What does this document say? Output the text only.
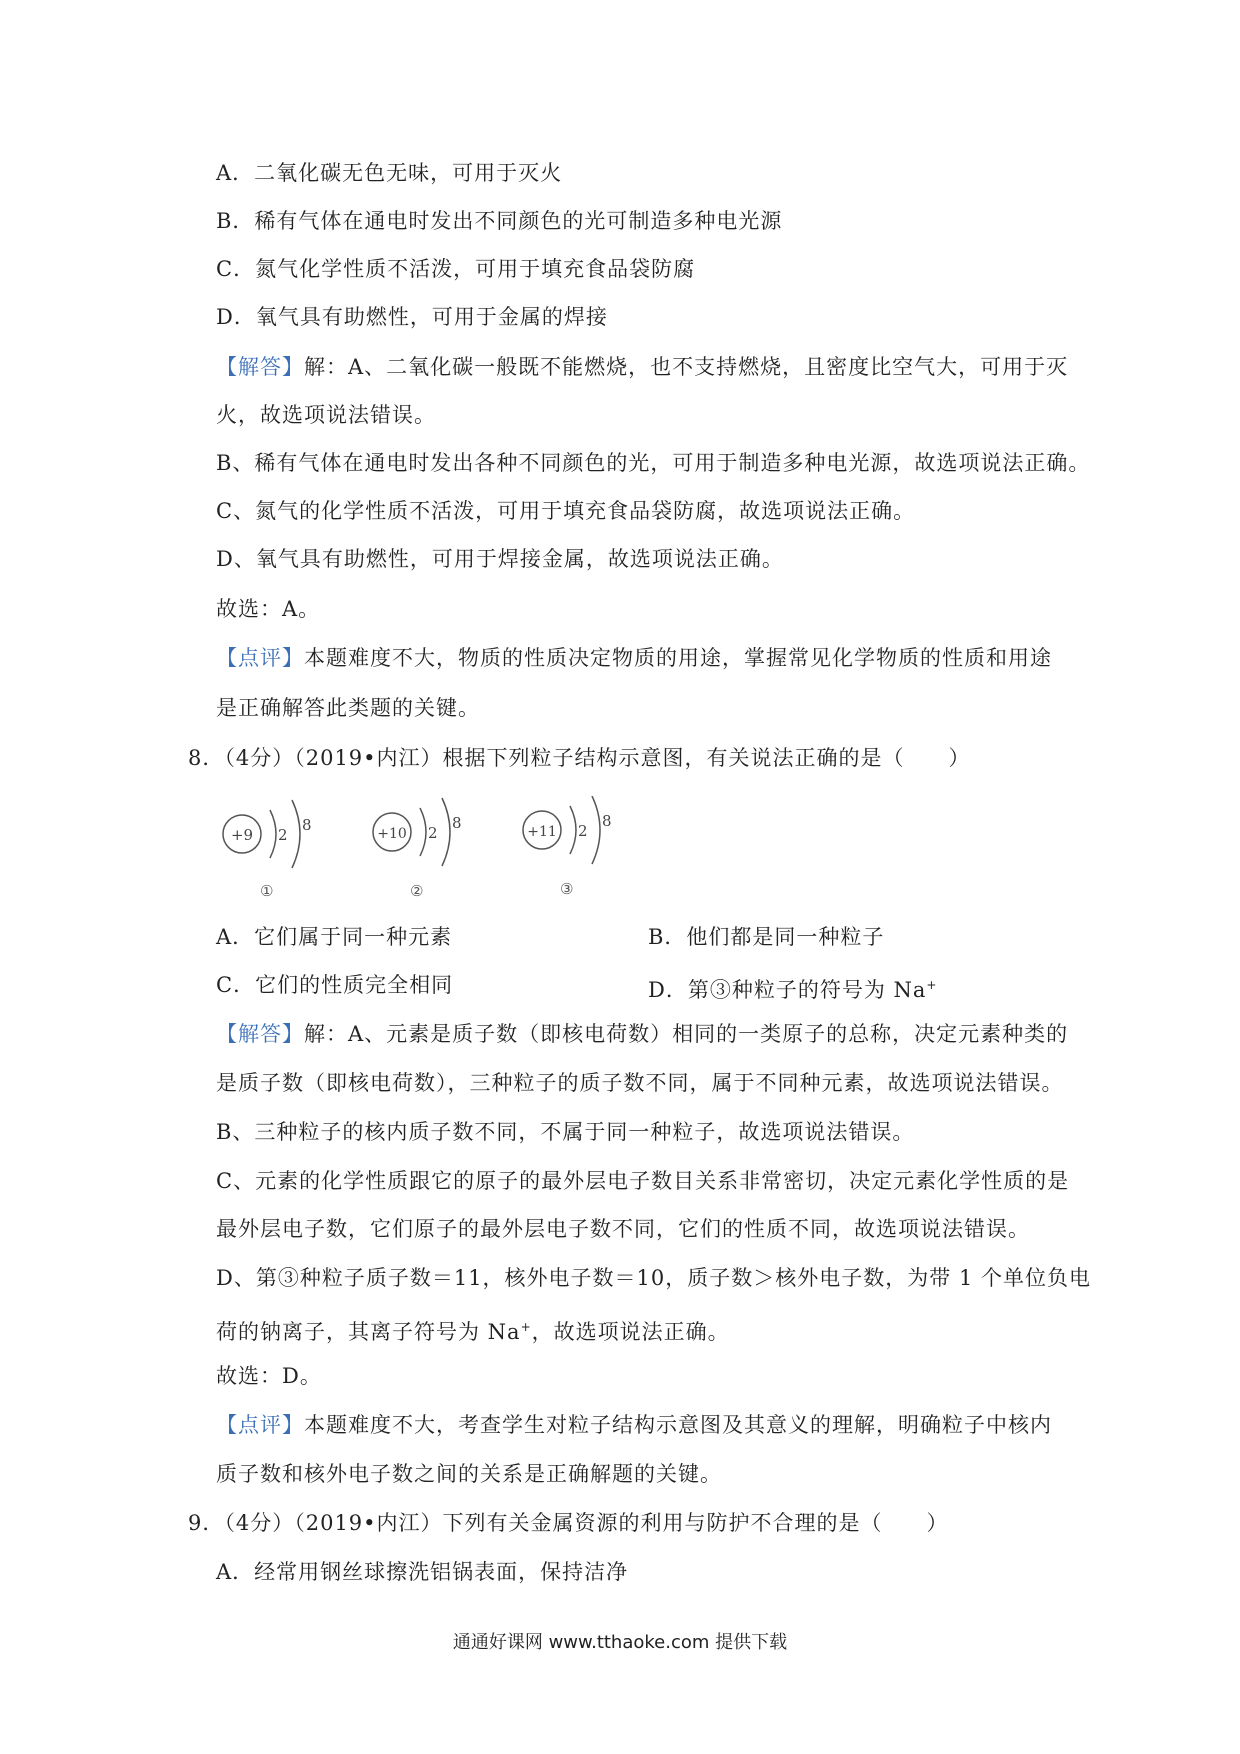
A．二氧化碳无色无味，可用于灭火
B．稀有气体在通电时发出不同颜色的光可制造多种电光源
C．氮气化学性质不活泼，可用于填充食品袋防腐
D．氧气具有助燃性，可用于金属的焊接
【解答】解：A、二氧化碳一般既不能燃烧，也不支持燃烧，且密度比空气大，可用于灭
火，故选项说法错误。
B、稀有气体在通电时发出各种不同颜色的光，可用于制造多种电光源，故选项说法正确。
C、氮气的化学性质不活泼，可用于填充食品袋防腐，故选项说法正确。
D、氧气具有助燃性，可用于焊接金属，故选项说法正确。
故选：A。
【点评】本题难度不大，物质的性质决定物质的用途，掌握常见化学物质的性质和用途
是正确解答此类题的关键。
8．（4分）（2019•内江）根据下列粒子结构示意图，有关说法正确的是（　　）
+9 2
8
①
+10 2
8
②
+11 2
8
③
A．它们属于同一种元素	B．他们都是同一种粒子
C．它们的性质完全相同	D．第③种粒子的符号为 Na+
【解答】解：A、元素是质子数（即核电荷数）相同的一类原子的总称，决定元素种类的
是质子数（即核电荷数），三种粒子的质子数不同，属于不同种元素，故选项说法错误。
B、三种粒子的核内质子数不同，不属于同一种粒子，故选项说法错误。
C、元素的化学性质跟它的原子的最外层电子数目关系非常密切，决定元素化学性质的是
最外层电子数，它们原子的最外层电子数不同，它们的性质不同，故选项说法错误。
D、第③种粒子质子数＝11，核外电子数＝10，质子数＞核外电子数，为带 1 个单位负电
荷的钠离子，其离子符号为 Na+，故选项说法正确。
故选：D。
【点评】本题难度不大，考查学生对粒子结构示意图及其意义的理解，明确粒子中核内
质子数和核外电子数之间的关系是正确解题的关键。
9．（4分）（2019•内江）下列有关金属资源的利用与防护不合理的是（　　）
A．经常用钢丝球擦洗铝锅表面，保持洁净
通通好课网 www.tthaoke.com 提供下载
